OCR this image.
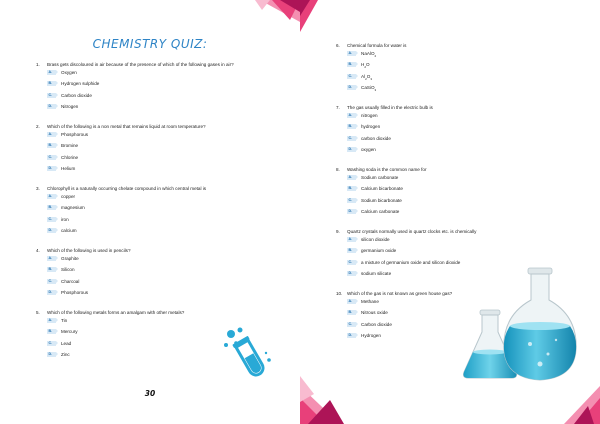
CHEMISTRY QUIZ:
1. Brass gets discoloured in air because of the presence of which of the following gases in air?
A.	Oxygen
B.	Hydrogen sulphide
C.	Carbon dioxide
D.	Nitrogen
2. Which of the following is a non metal that remains liquid at room temperature?
A.	Phosphorous
B.	Bromine
C.	Chlorine
D.	Helium
3. Chlorophyll is a naturally occurring chelate compound in which central metal is
A.	copper
B.	magnesium
C.	iron
D.	calcium
4. Which of the following is used in pencils?
A.	Graphite
B.	Silicon
C.	Charcoal
D.	Phosphorous
5. Which of the following metals forms an amalgam with other metals?
A.	Tin
B.	Mercury
C.	Lead
D.	Zinc
30
6. Chemical formula for water is
A.	NaAlO$_2$
B.	$H_2O$
C.	$Al_2O_3$
D.	CaSiO$_3$
7. The gas usually filled in the electric bulb is
A.	nitrogen
B.	hydrogen
C.	carbon dioxide
D.	oxygen
8. Washing soda is the common name for
A.	Sodium carbonate
B.	Calcium bicarbonate
C.	Sodium bicarbonate
D.	Calcium carbonate
9. Quartz crystals normally used in quartz clocks etc. is chemically
A.	silicon dioxide
B.	germanium oxide
C.	a mixture of germanium oxide and silicon dioxide
D.	sodium silicate
10. Which of the gas is not known as green house gas?
A.	Methane
B.	Nitrous oxide
C.	Carbon dioxide
D.	Hydrogen
